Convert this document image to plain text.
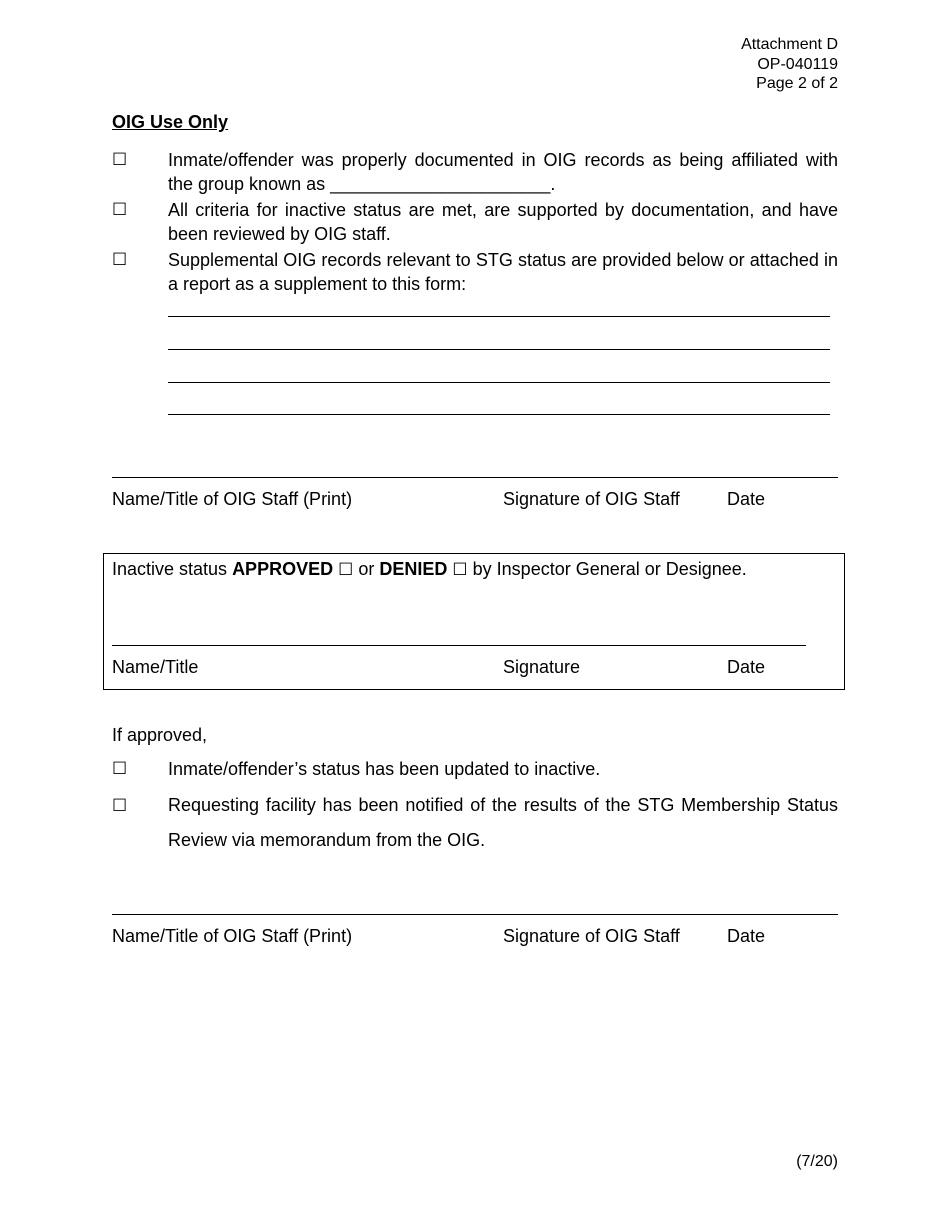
Attachment D
OP-040119
Page 2 of 2
OIG Use Only
☐ Inmate/offender was properly documented in OIG records as being affiliated with the group known as ______________________.
☐ All criteria for inactive status are met, are supported by documentation, and have been reviewed by OIG staff.
☐ Supplemental OIG records relevant to STG status are provided below or attached in a report as a supplement to this form:
Name/Title of OIG Staff (Print)	Signature of OIG Staff	Date
Inactive status APPROVED ☐ or DENIED ☐ by Inspector General or Designee.
Name/Title	Signature	Date
If approved,
☐ Inmate/offender’s status has been updated to inactive.
☐ Requesting facility has been notified of the results of the STG Membership Status Review via memorandum from the OIG.
Name/Title of OIG Staff (Print)	Signature of OIG Staff	Date
(7/20)
